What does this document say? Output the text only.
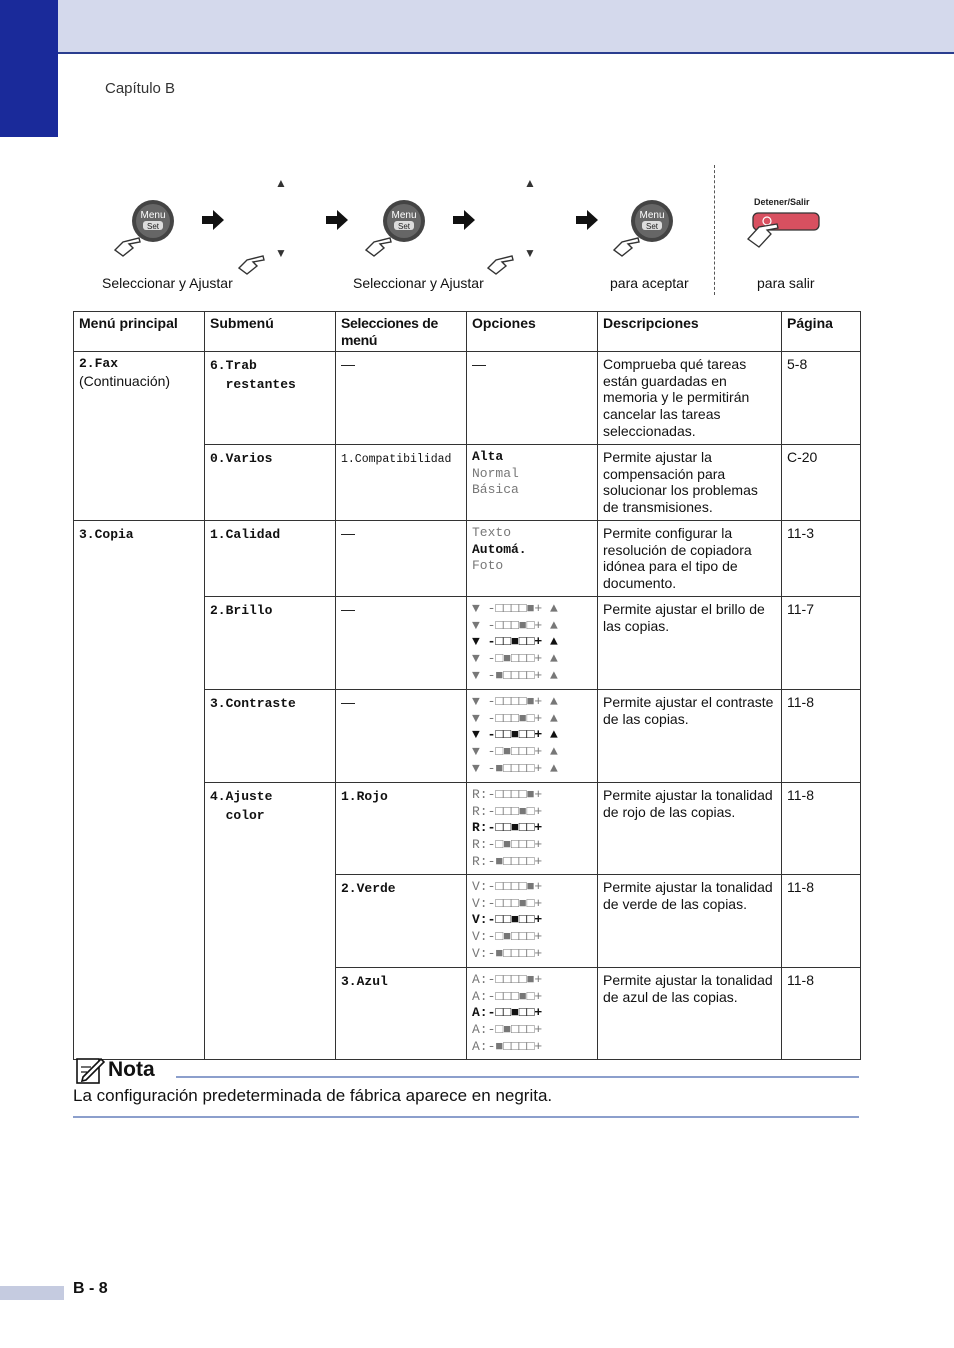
Capítulo B
Menu
Set
▲
▼
Menu
Set
▲
▼
Menu
Set
Detener/Salir
Seleccionar y Ajustar	Seleccionar y Ajustar	para aceptar	para salir
Menú principal	Submenú	Selecciones de menú	Opciones	Descripciones	Página

2.Fax
(Continuación)	6.Trab
restantes	—	—	Comprueba qué tareas están guardadas en memoria y le permitirán cancelar las tareas seleccionadas.	5-8
	0.Varios	1.Compatibilidad	Alta
Normal
Básica	Permite ajustar la compensación para solucionar los problemas de transmisiones.	C-20
3.Copia	1.Calidad	—	Texto
Automá.
Foto	Permite configurar la resolución de copiadora idónea para el tipo de documento.	11-3
	2.Brillo	—	▼ -□□□□■+ ▲
▼ -□□□■□+ ▲
▼ -□□■□□+ ▲
▼ -□■□□□+ ▲
▼ -■□□□□+ ▲	Permite ajustar el brillo de las copias.	11-7
	3.Contraste	—	▼ -□□□□■+ ▲
▼ -□□□■□+ ▲
▼ -□□■□□+ ▲
▼ -□■□□□+ ▲
▼ -■□□□□+ ▲	Permite ajustar el contraste de las copias.	11-8
	4.Ajuste
color	1.Rojo	R:-□□□□■+
R:-□□□■□+
R:-□□■□□+
R:-□■□□□+
R:-■□□□□+	Permite ajustar la tonalidad de rojo de las copias.	11-8
		2.Verde	V:-□□□□■+
V:-□□□■□+
V:-□□■□□+
V:-□■□□□+
V:-■□□□□+	Permite ajustar la tonalidad de verde de las copias.	11-8
		3.Azul	A:-□□□□■+
A:-□□□■□+
A:-□□■□□+
A:-□■□□□+
A:-■□□□□+	Permite ajustar la tonalidad de azul de las copias.	11-8
Nota
La configuración predeterminada de fábrica aparece en negrita.
B - 8
